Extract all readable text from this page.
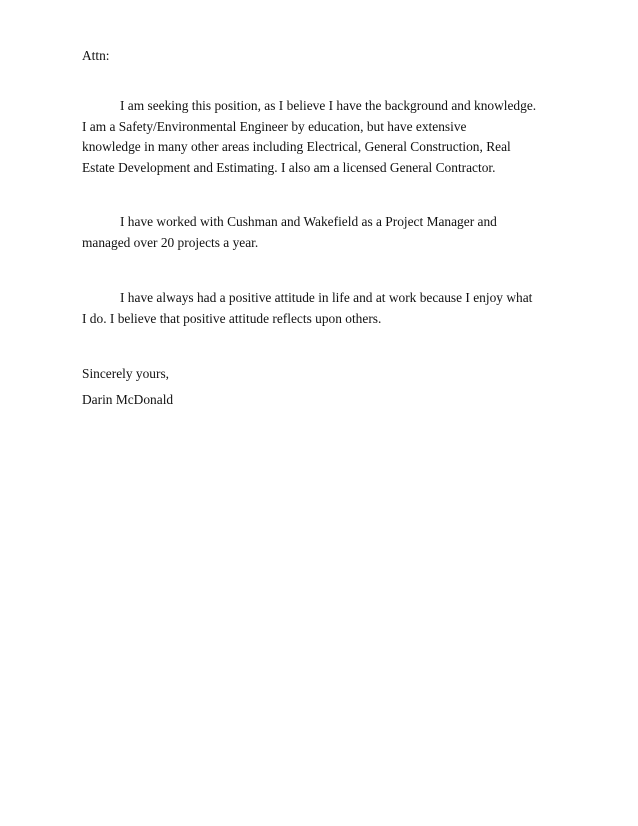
Attn:

I am seeking this position, as I believe I have the background and knowledge.
I am a Safety/Environmental Engineer by education, but have extensive
knowledge in many other areas including Electrical, General Construction, Real
Estate Development and Estimating. I also am a licensed General Contractor.

I have worked with Cushman and Wakefield as a Project Manager and
managed over 20 projects a year.

I have always had a positive attitude in life and at work because I enjoy what
I do. I believe that positive attitude reflects upon others.

Sincerely yours,

Darin McDonald
